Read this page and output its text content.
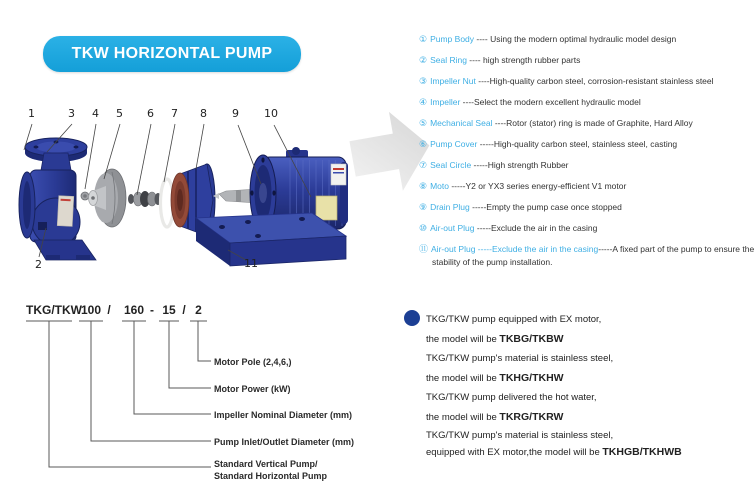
TKW HORIZONTAL PUMP
1	3 4 5 6 7 8 9 10
2	11
① Pump Body ---- Using the modern optimal hydraulic model design
② Seal Ring ---- high strength rubber parts
③ Impeller Nut ----High-quality carbon steel, corrosion-resistant stainless steel
④ Impeller ----Select the modern excellent hydraulic model
⑤ Mechanical Seal ----Rotor (stator) ring is made of Graphite, Hard Alloy
⑥ Pump Cover -----High-quality carbon steel, stainless steel, casting
⑦ Seal Circle -----High strength Rubber
⑧ Moto -----Y2 or YX3 series energy-efficient V1 motor
⑨ Drain Plug -----Empty the pump case once stopped
⑩ Air-out Plug -----Exclude the air in the casing
⑪ Air-out Plug -----Exclude the air in the casing-----A fixed part of the pump to ensure the stability of the pump installation.
TKG/TKW
100 / 160 - 15 / 2
Motor Pole (2,4,6,)
Motor Power (kW)
Impeller Nominal Diameter (mm)
Pump Inlet/Outlet Diameter (mm)
Standard Vertical Pump/
Standard Horizontal Pump
TKG/TKW pump equipped with EX motor,
the model will be TKBG/TKBW
TKG/TKW pump's material is stainless steel,
the model will be TKHG/TKHW
TKG/TKW pump delivered the hot water,
the model will be TKRG/TKRW
TKG/TKW pump's material is stainless steel,
equipped with EX motor,the model will be TKHGB/TKHWB
